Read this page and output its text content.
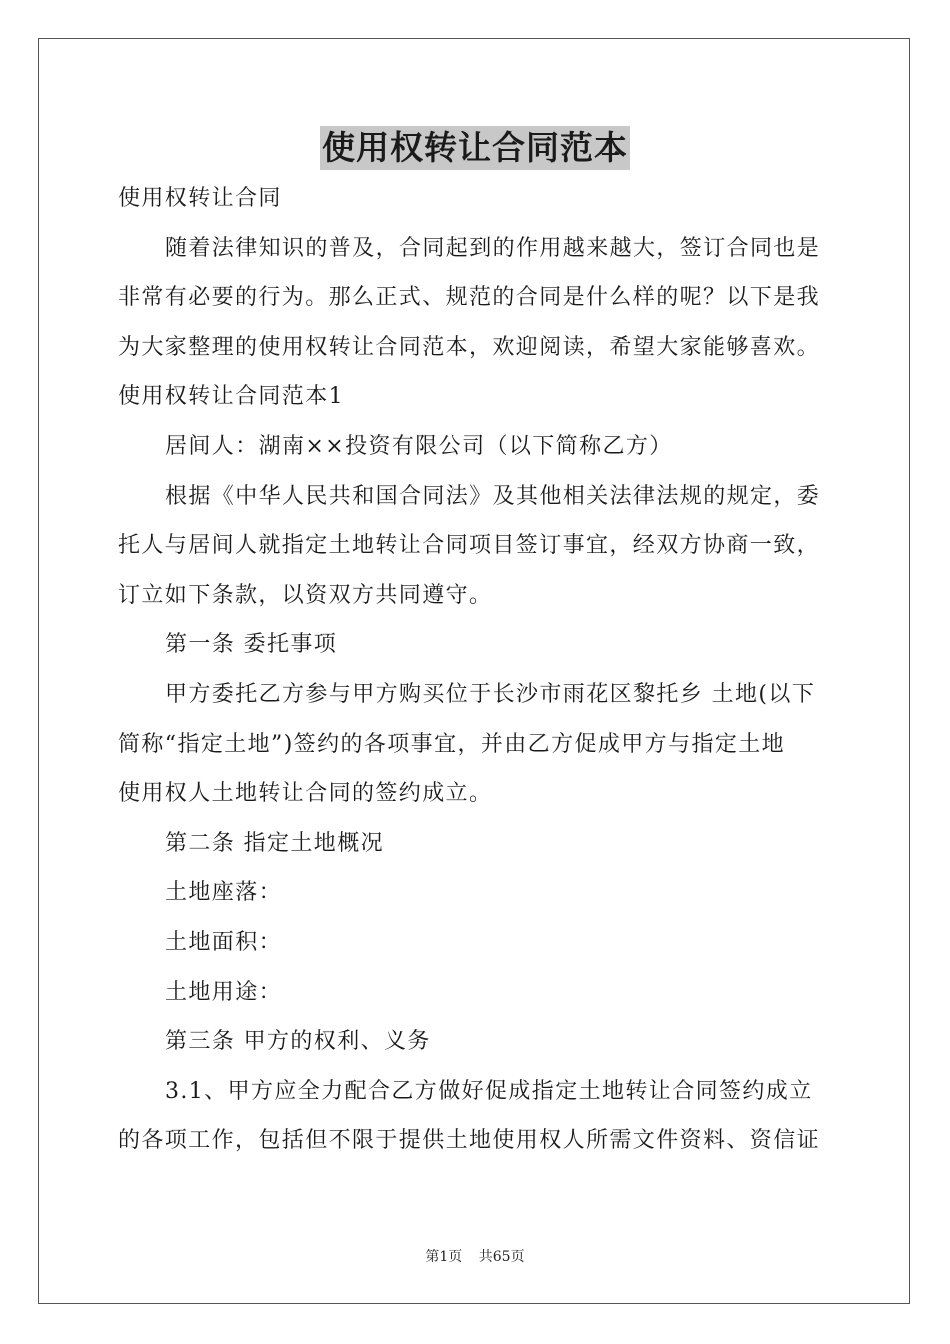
使用权转让合同范本
使用权转让合同
随着法律知识的普及，合同起到的作用越来越大，签订合同也是
非常有必要的行为。那么正式、规范的合同是什么样的呢？以下是我
为大家整理的使用权转让合同范本，欢迎阅读，希望大家能够喜欢。
使用权转让合同范本1
居间人：湖南××投资有限公司（以下简称乙方）
根据《中华人民共和国合同法》及其他相关法律法规的规定，委
托人与居间人就指定土地转让合同项目签订事宜，经双方协商一致，
订立如下条款，以资双方共同遵守。
第一条 委托事项
甲方委托乙方参与甲方购买位于长沙市雨花区黎托乡 土地(以下
简称“指定土地”)签约的各项事宜，并由乙方促成甲方与指定土地
使用权人土地转让合同的签约成立。
第二条 指定土地概况
土地座落：
土地面积：
土地用途：
第三条 甲方的权利、义务
3.1、甲方应全力配合乙方做好促成指定土地转让合同签约成立
的各项工作，包括但不限于提供土地使用权人所需文件资料、资信证
第1页 共65页
